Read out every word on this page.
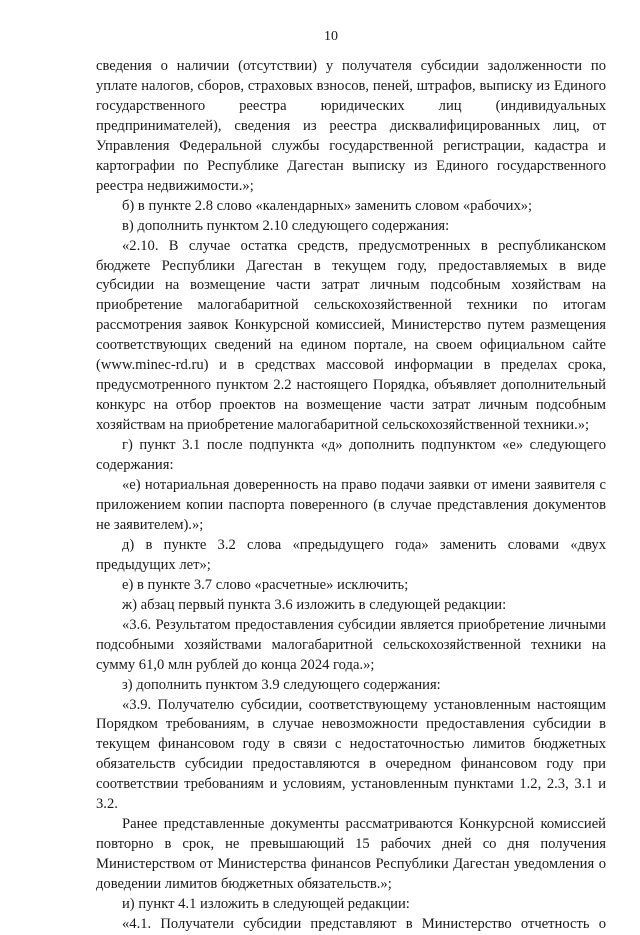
10

сведения о наличии (отсутствии) у получателя субсидии задолженности по уплате налогов, сборов, страховых взносов, пеней, штрафов, выписку из Единого государственного реестра юридических лиц (индивидуальных предпринимателей), сведения из реестра дисквалифицированных лиц, от Управления Федеральной службы государственной регистрации, кадастра и картографии по Республике Дагестан выписку из Единого государственного реестра недвижимости.»;

б) в пункте 2.8 слово «календарных» заменить словом «рабочих»;

в) дополнить пунктом 2.10 следующего содержания:

«2.10. В случае остатка средств, предусмотренных в республиканском бюджете Республики Дагестан в текущем году, предоставляемых в виде субсидии на возмещение части затрат личным подсобным хозяйствам на приобретение малогабаритной сельскохозяйственной техники по итогам рассмотрения заявок Конкурсной комиссией, Министерство путем размещения соответствующих сведений на едином портале, на своем официальном сайте (www.minec-rd.ru) и в средствах массовой информации в пределах срока, предусмотренного пунктом 2.2 настоящего Порядка, объявляет дополнительный конкурс на отбор проектов на возмещение части затрат личным подсобным хозяйствам на приобретение малогабаритной сельскохозяйственной техники.»;

г) пункт 3.1 после подпункта «д» дополнить подпунктом «е» следующего содержания:

«е) нотариальная доверенность на право подачи заявки от имени заявителя с приложением копии паспорта поверенного (в случае представления документов не заявителем).»;

д) в пункте 3.2 слова «предыдущего года» заменить словами «двух предыдущих лет»;

е) в пункте 3.7 слово «расчетные» исключить;

ж) абзац первый пункта 3.6 изложить в следующей редакции:

«3.6. Результатом предоставления субсидии является приобретение личными подсобными хозяйствами малогабаритной сельскохозяйственной техники на сумму 61,0 млн рублей до конца 2024 года.»;

з) дополнить пунктом 3.9 следующего содержания:

«3.9. Получателю субсидии, соответствующему установленным настоящим Порядком требованиям, в случае невозможности предоставления субсидии в текущем финансовом году в связи с недостаточностью лимитов бюджетных обязательств субсидии предоставляются в очередном финансовом году при соответствии требованиям и условиям, установленным пунктами 1.2, 2.3, 3.1 и 3.2.

Ранее представленные документы рассматриваются Конкурсной комиссией повторно в срок, не превышающий 15 рабочих дней со дня получения Министерством от Министерства финансов Республики Дагестан уведомления о доведении лимитов бюджетных обязательств.»;

и) пункт 4.1 изложить в следующей редакции:

«4.1. Получатели субсидии представляют в Министерство отчетность о
